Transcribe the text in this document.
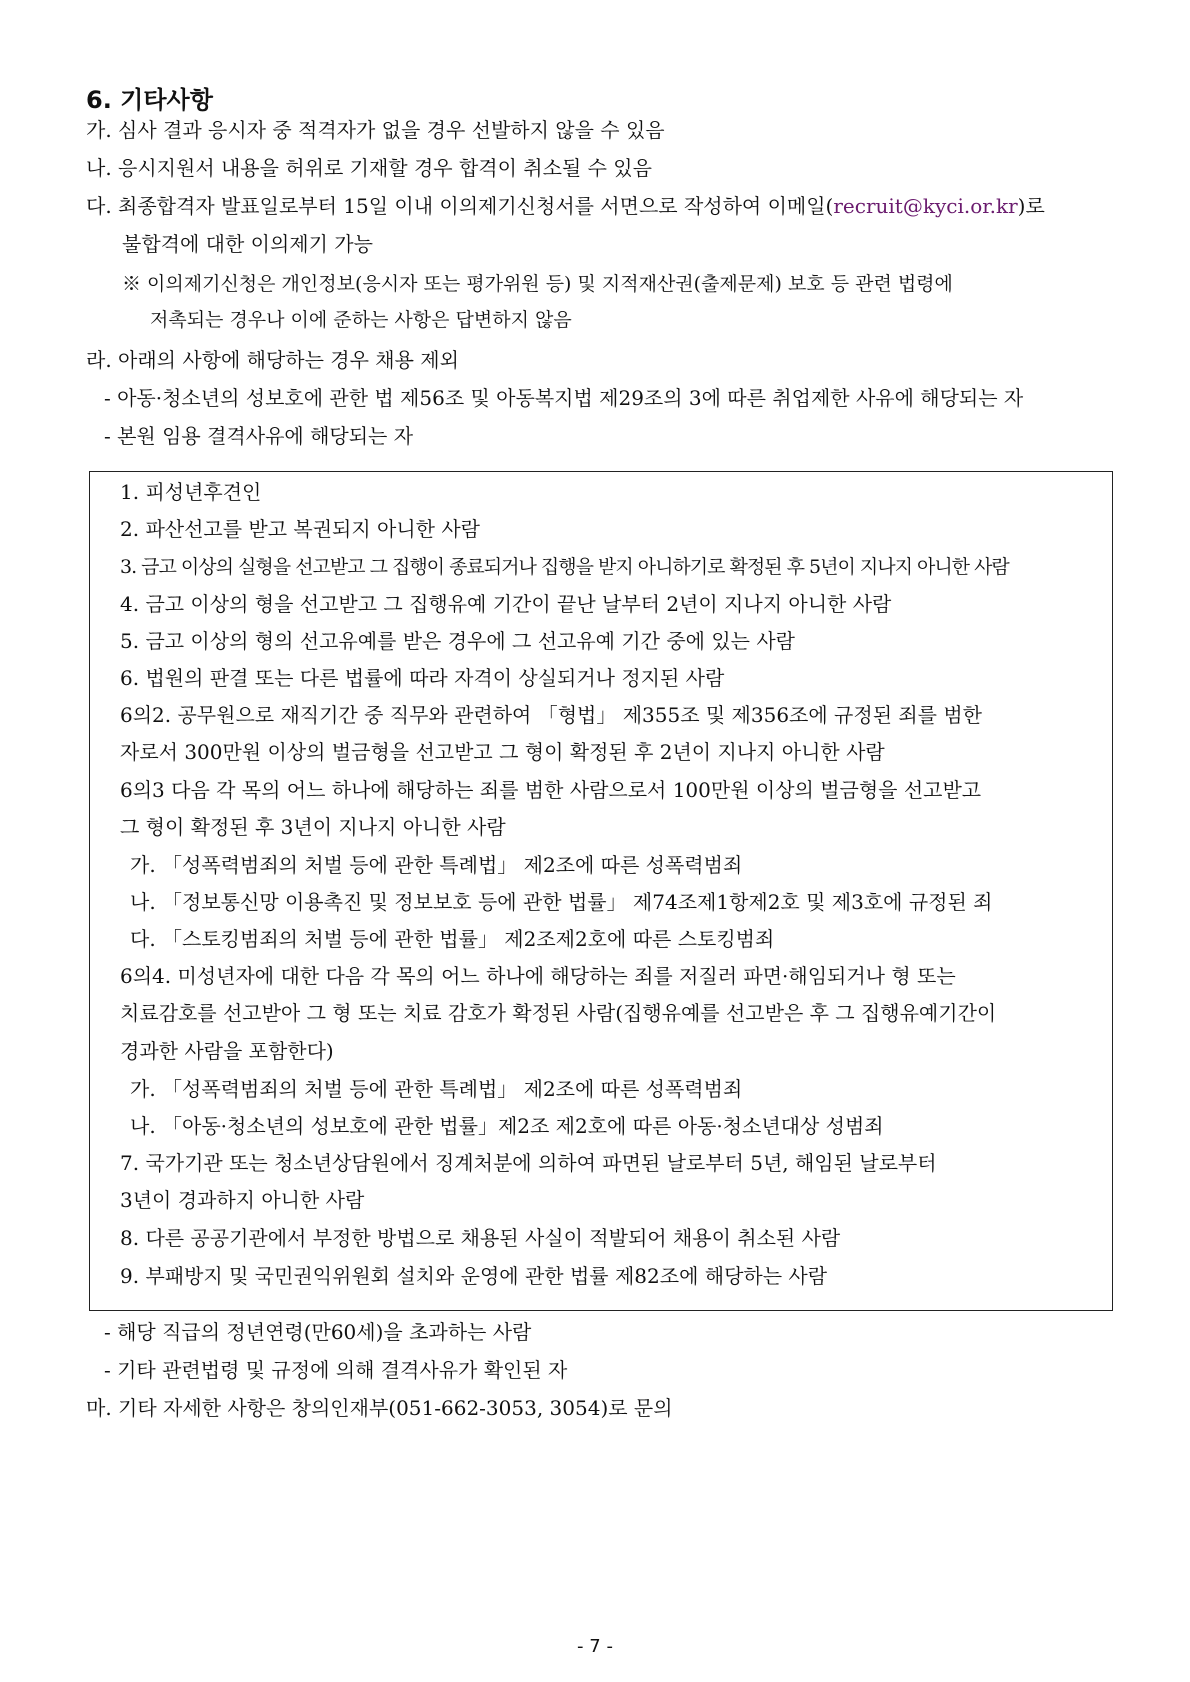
6. 기타사항
가. 심사 결과 응시자 중 적격자가 없을 경우 선발하지 않을 수 있음
나. 응시지원서 내용을 허위로 기재할 경우 합격이 취소될 수 있음
다. 최종합격자 발표일로부터 15일 이내 이의제기신청서를 서면으로 작성하여 이메일(recruit@kyci.or.kr)로
불합격에 대한 이의제기 가능
※ 이의제기신청은 개인정보(응시자 또는 평가위원 등) 및 지적재산권(출제문제) 보호 등 관련 법령에
저촉되는 경우나 이에 준하는 사항은 답변하지 않음
라. 아래의 사항에 해당하는 경우 채용 제외
- 아동·청소년의 성보호에 관한 법 제56조 및 아동복지법 제29조의 3에 따른 취업제한 사유에 해당되는 자
- 본원 임용 결격사유에 해당되는 자
1. 피성년후견인
2. 파산선고를 받고 복권되지 아니한 사람
3. 금고 이상의 실형을 선고받고 그 집행이 종료되거나 집행을 받지 아니하기로 확정된 후 5년이 지나지 아니한 사람
4. 금고 이상의 형을 선고받고 그 집행유예 기간이 끝난 날부터 2년이 지나지 아니한 사람
5. 금고 이상의 형의 선고유예를 받은 경우에 그 선고유예 기간 중에 있는 사람
6. 법원의 판결 또는 다른 법률에 따라 자격이 상실되거나 정지된 사람
6의2. 공무원으로 재직기간 중 직무와 관련하여 「형법」 제355조 및 제356조에 규정된 죄를 범한
자로서 300만원 이상의 벌금형을 선고받고 그 형이 확정된 후 2년이 지나지 아니한 사람
6의3 다음 각 목의 어느 하나에 해당하는 죄를 범한 사람으로서 100만원 이상의 벌금형을 선고받고
그 형이 확정된 후 3년이 지나지 아니한 사람
가. 「성폭력범죄의 처벌 등에 관한 특례법」 제2조에 따른 성폭력범죄
나. 「정보통신망 이용촉진 및 정보보호 등에 관한 법률」 제74조제1항제2호 및 제3호에 규정된 죄
다. 「스토킹범죄의 처벌 등에 관한 법률」 제2조제2호에 따른 스토킹범죄
6의4. 미성년자에 대한 다음 각 목의 어느 하나에 해당하는 죄를 저질러 파면·해임되거나 형 또는
치료감호를 선고받아 그 형 또는 치료 감호가 확정된 사람(집행유예를 선고받은 후 그 집행유예기간이
경과한 사람을 포함한다)
가. 「성폭력범죄의 처벌 등에 관한 특례법」 제2조에 따른 성폭력범죄
나. 「아동·청소년의 성보호에 관한 법률」제2조 제2호에 따른 아동·청소년대상 성범죄
7. 국가기관 또는 청소년상담원에서 징계처분에 의하여 파면된 날로부터 5년, 해임된 날로부터
3년이 경과하지 아니한 사람
8. 다른 공공기관에서 부정한 방법으로 채용된 사실이 적발되어 채용이 취소된 사람
9. 부패방지 및 국민권익위원회 설치와 운영에 관한 법률 제82조에 해당하는 사람
- 해당 직급의 정년연령(만60세)을 초과하는 사람
- 기타 관련법령 및 규정에 의해 결격사유가 확인된 자
마. 기타 자세한 사항은 창의인재부(051-662-3053, 3054)로 문의
- 7 -
